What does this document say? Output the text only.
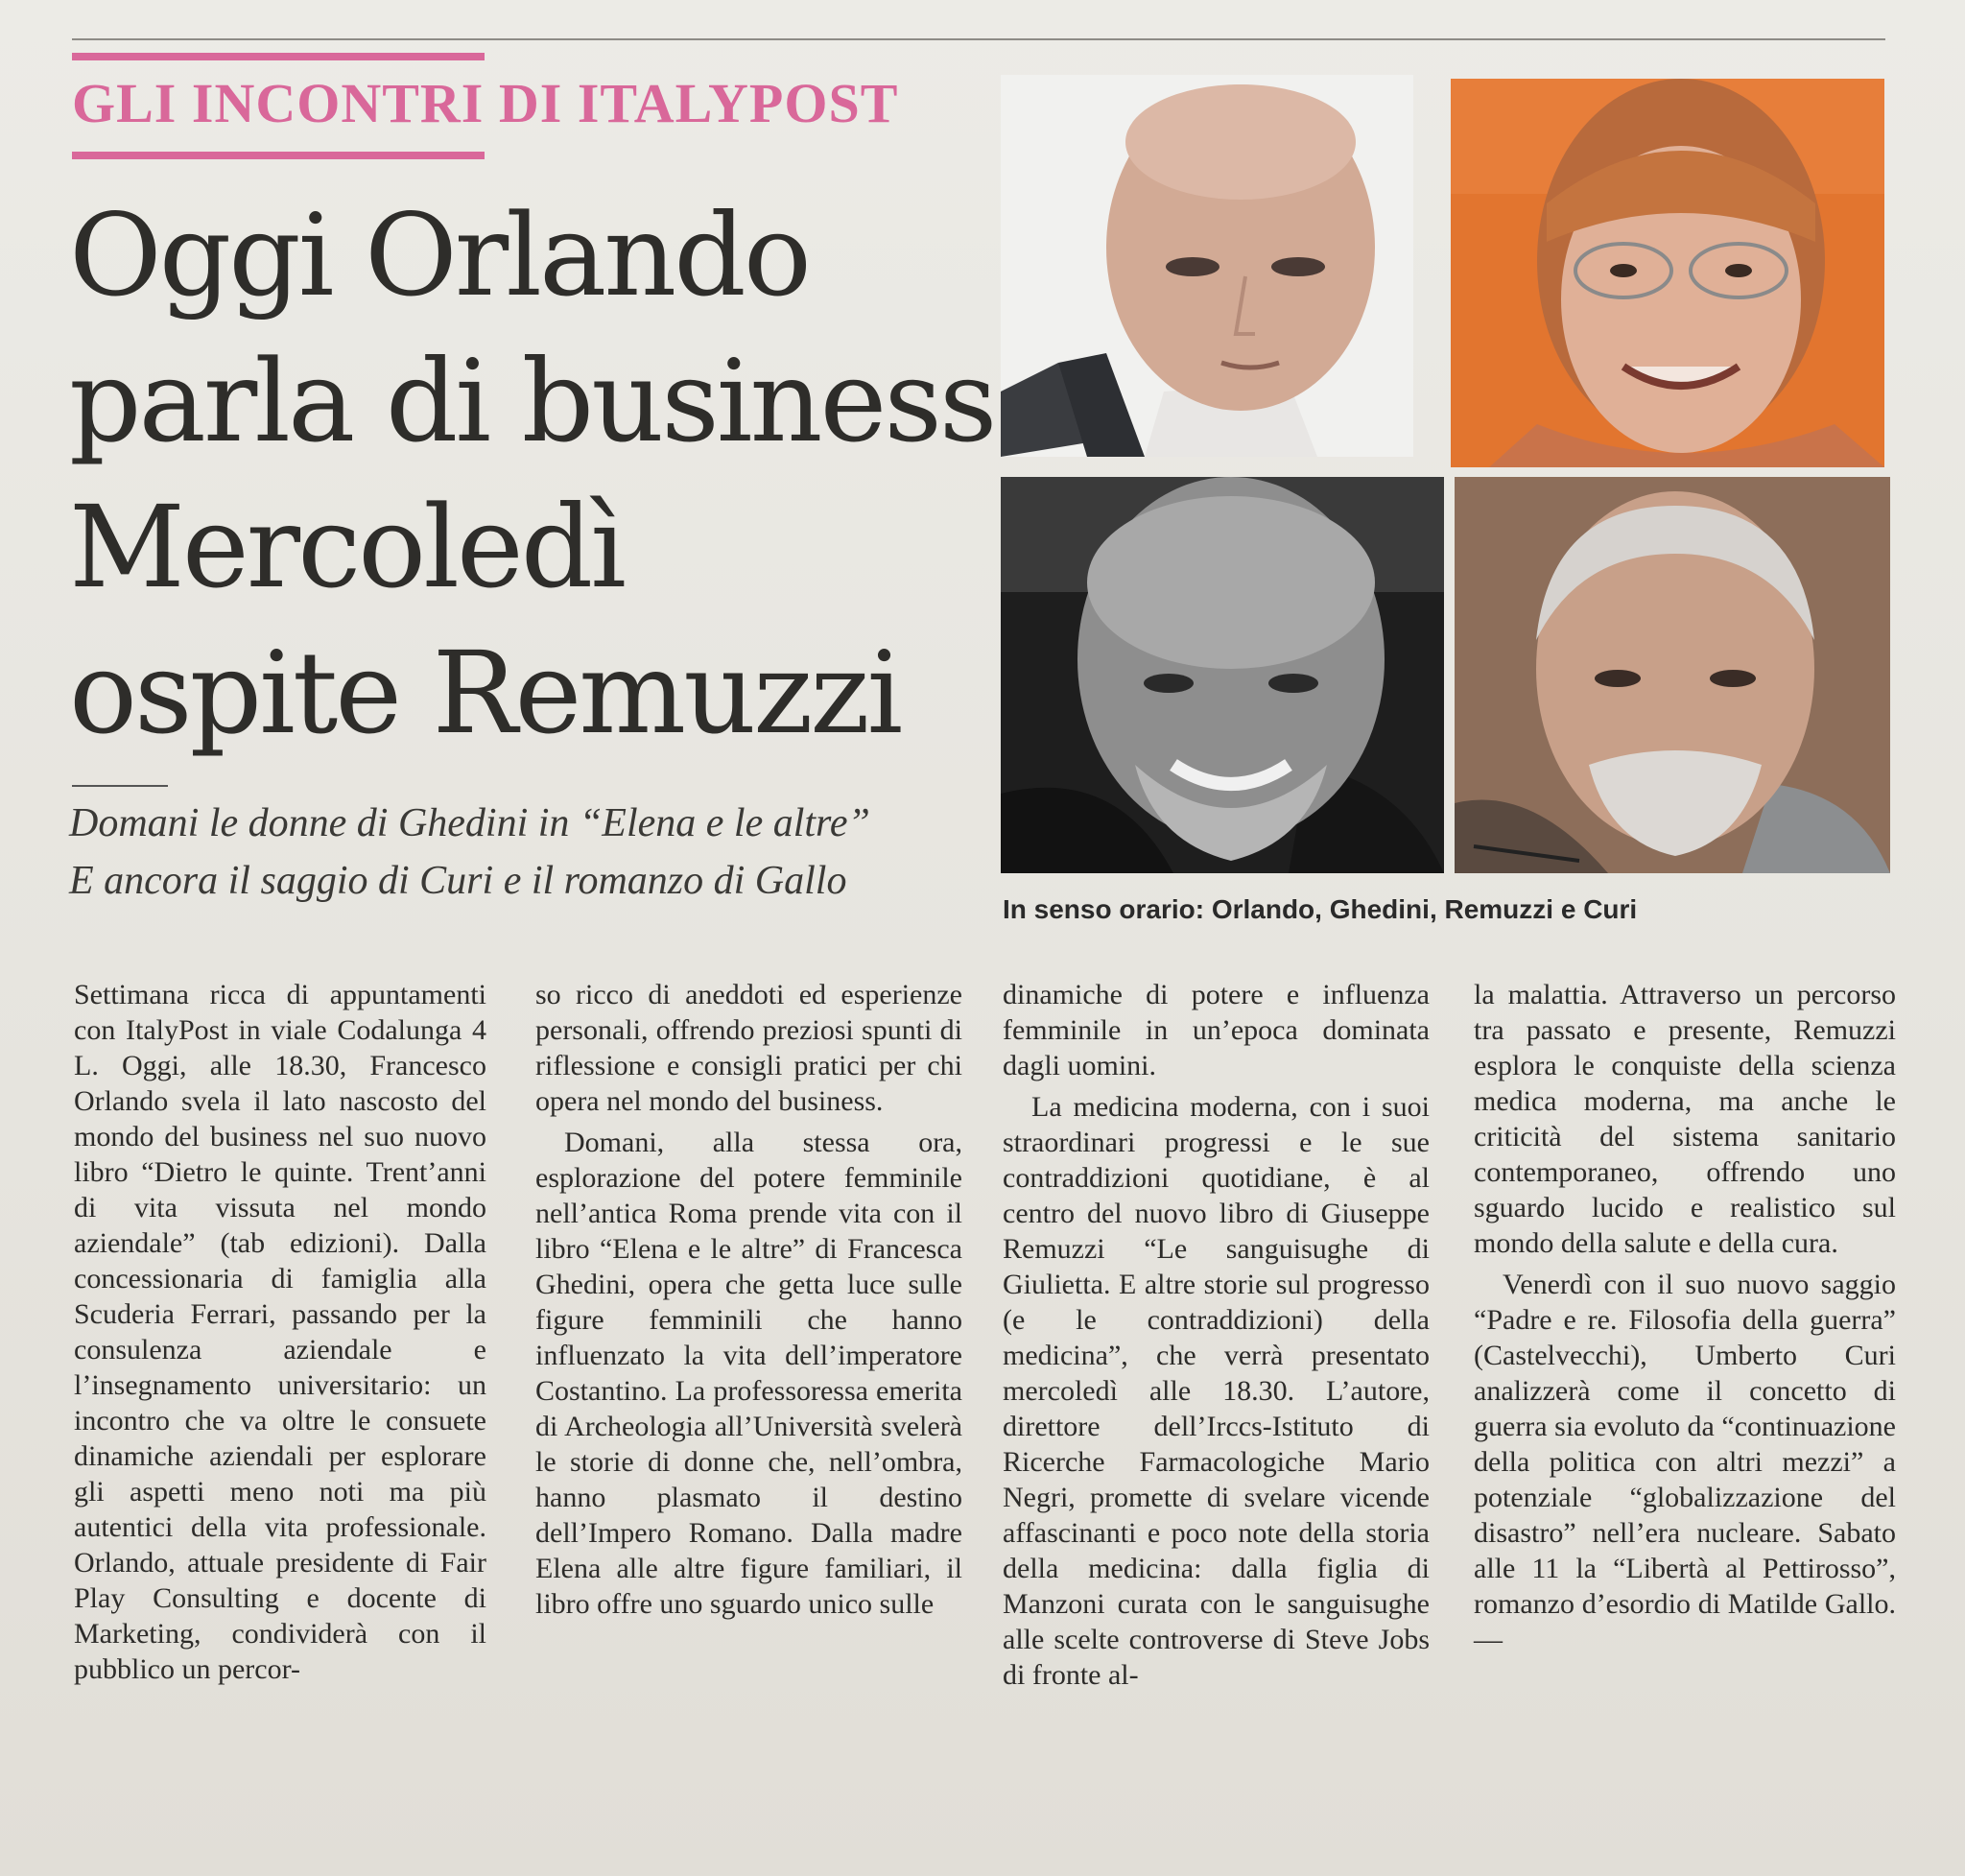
GLI INCONTRI DI ITALYPOST
Oggi Orlando
parla di business
Mercoledì
ospite Remuzzi
Domani le donne di Ghedini in “Elena e le altre”
E ancora il saggio di Curi e il romanzo di Gallo
In senso orario: Orlando, Ghedini, Remuzzi e Curi

Settimana ricca di appuntamenti con ItalyPost in viale Codalunga 4 L. Oggi, alle 18.30, Francesco Orlando svela il lato nascosto del mondo del business nel suo nuovo libro “Dietro le quinte. Trent’anni di vita vissuta nel mondo aziendale” (tab edizioni). Dalla concessionaria di famiglia alla Scuderia Ferrari, passando per la consulenza aziendale e l’insegnamento universitario: un incontro che va oltre le consuete dinamiche aziendali per esplorare gli aspetti meno noti ma più autentici della vita professionale. Orlando, attuale presidente di Fair Play Consulting e docente di Marketing, condividerà con il pubblico un percor-

so ricco di aneddoti ed esperienze personali, offrendo preziosi spunti di riflessione e consigli pratici per chi opera nel mondo del business.

Domani, alla stessa ora, esplorazione del potere femminile nell’antica Roma prende vita con il libro “Elena e le altre” di Francesca Ghedini, opera che getta luce sulle figure femminili che hanno influenzato la vita dell’imperatore Costantino. La professoressa emerita di Archeologia all’Università svelerà le storie di donne che, nell’ombra, hanno plasmato il destino dell’Impero Romano. Dalla madre Elena alle altre figure familiari, il libro offre uno sguardo unico sulle

dinamiche di potere e influenza femminile in un’epoca dominata dagli uomini.

La medicina moderna, con i suoi straordinari progressi e le sue contraddizioni quotidiane, è al centro del nuovo libro di Giuseppe Remuzzi “Le sanguisughe di Giulietta. E altre storie sul progresso (e le contraddizioni) della medicina”, che verrà presentato mercoledì alle 18.30. L’autore, direttore dell’Irccs-Istituto di Ricerche Farmacologiche Mario Negri, promette di svelare vicende affascinanti e poco note della storia della medicina: dalla figlia di Manzoni curata con le sanguisughe alle scelte controverse di Steve Jobs di fronte al-

la malattia. Attraverso un percorso tra passato e presente, Remuzzi esplora le conquiste della scienza medica moderna, ma anche le criticità del sistema sanitario contemporaneo, offrendo uno sguardo lucido e realistico sul mondo della salute e della cura.

Venerdì con il suo nuovo saggio “Padre e re. Filosofia della guerra” (Castelvecchi), Umberto Curi analizzerà come il concetto di guerra sia evoluto da “continuazione della politica con altri mezzi” a potenziale “globalizzazione del disastro” nell’era nucleare. Sabato alle 11 la “Libertà al Pettirosso”, romanzo d’esordio di Matilde Gallo. —
